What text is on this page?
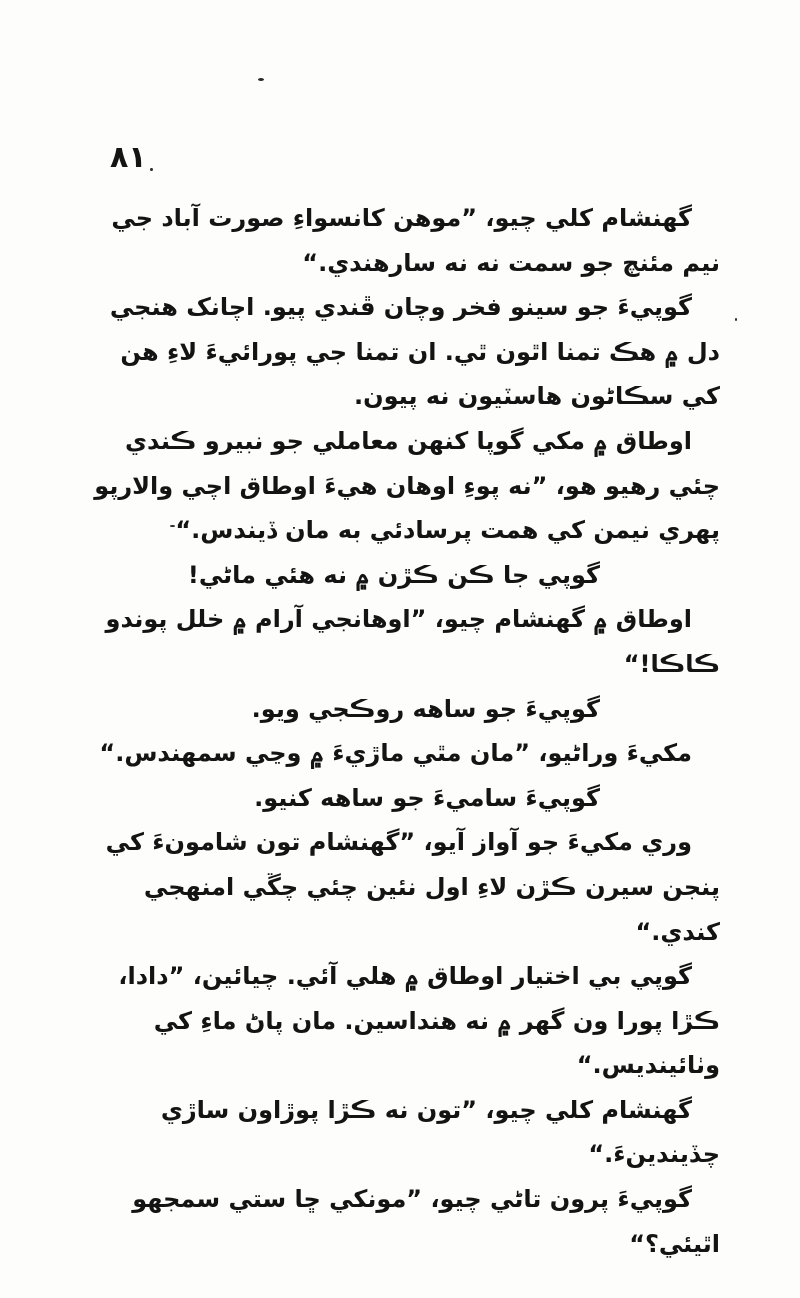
٨١
گهنشام کلي چيو، ”موهن کانسواءِ صورت آباد جي
نيم مئنچ جو سمت نه نه سارهندي.“
گوپيءَ جو سينو فخر وچان ڦندي پيو. اچانک هنجي
دل ۾ هڪ تمنا اٿون ٿي. ان تمنا جي پورائيءَ لاءِ هن
کي سڪاڻون هاسٽيون نه پيون.
اوطاق ۾ مکي گوپا کنهن معاملي جو نبيرو ڪندي
چئي رهيو هو، ”نه پوءِ اوهان هيءَ اوطاق اچي والارپو
پهري نيمن کي همت پرسادئي به مان ڏيندس.“
گوپي جا ڪن ڪڙن ۾ نه هئي ماڻي!
اوطاق ۾ گهنشام چيو، ”اوهانجي آرام ۾ خلل پوندو
ڪاڪا!“
گوپيءَ جو ساهه روڪجي ويو.
مکيءَ وراڻيو، ”مان مٿي ماڙيءَ ۾ وڃي سمهندس.“
گوپيءَ ساميءَ جو ساهه کنيو.
وري مکيءَ جو آواز آيو، ”گهنشام تون شامونءَ کي
پنجن سيرن ڪڙن لاءِ اول نئين چئي چڱي امنهجي
کندي.“
گوپي بي اختيار اوطاق ۾ هلي آئي. چيائين، ”دادا،
ڪڙا پورا ون گهر ۾ نه هنداسين. مان پاڻ ماءِ کي
وٺائينديس.“
گهنشام کلي چيو، ”تون نه ڪڙا پوڙاون ساڙي
چڏيندينءَ.“
گوپيءَ پرون تاڻي چيو، ”مونکي ڇا ستي سمجهو
اٿيئي؟“
